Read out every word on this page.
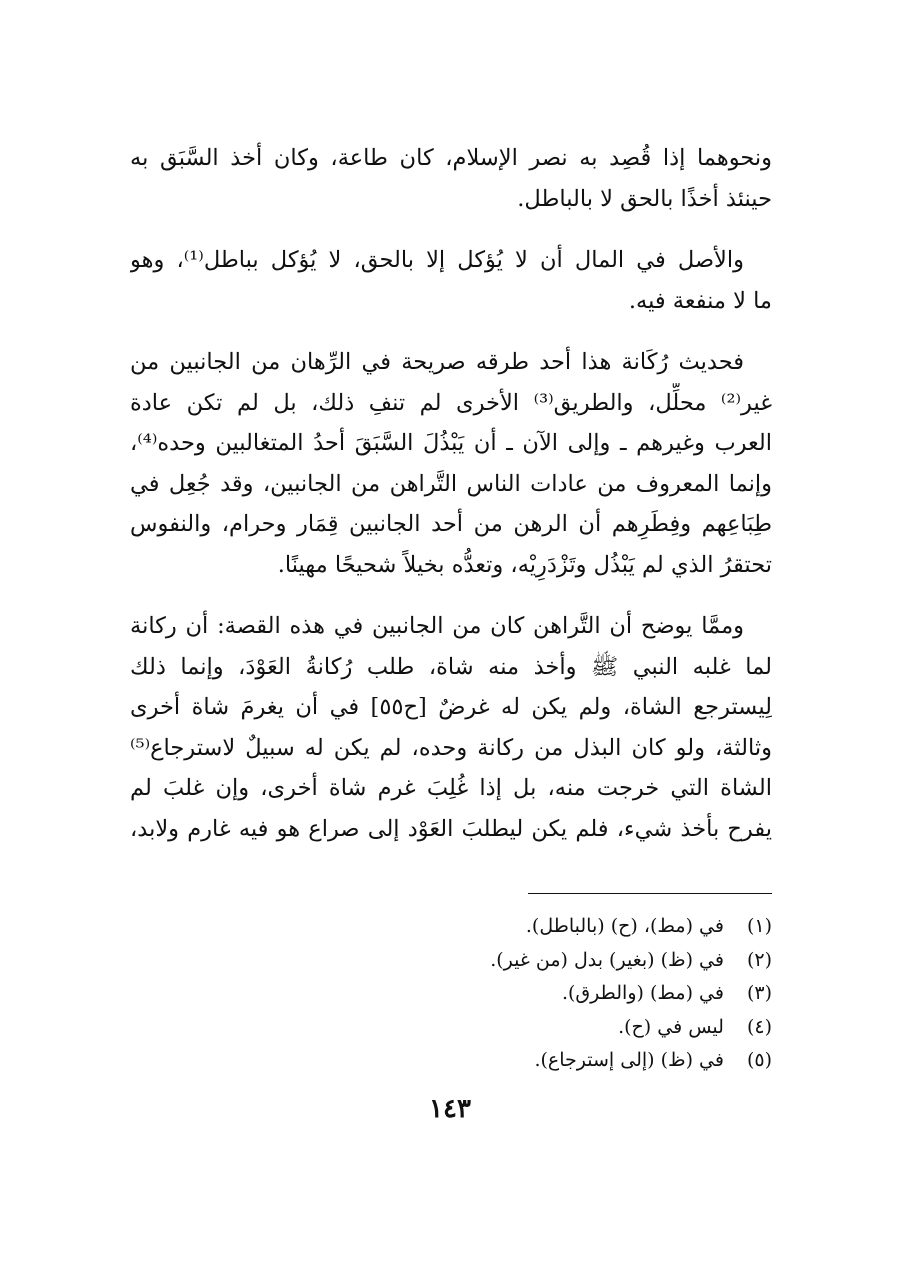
ونحوهما إذا قُصِد به نصر الإسلام، كان طاعة، وكان أخذ السَّبَق به
حينئذ أخذًا بالحق لا بالباطل.

والأصل في المال أن لا يُؤكل إلا بالحق، لا يُؤكل بباطل⁽¹⁾، وهو
ما لا منفعة فيه.

فحديث رُكَانة هذا أحد طرقه صريحة في الرِّهان من الجانبين من
غير⁽²⁾ محلِّل، والطريق⁽³⁾ الأخرى لم تنفِ ذلك، بل لم تكن عادة
العرب وغيرهم ـ وإلى الآن ـ أن يَبْذُلَ السَّبَقَ أحدُ المتغالبين وحده⁽⁴⁾،
وإنما المعروف من عادات الناس التَّراهن من الجانبين، وقد جُعِل في
طِبَاعِهم وفِطَرِهم أن الرهن من أحد الجانبين قِمَار وحرام، والنفوس
تحتقرُ الذي لم يَبْذُل وتَزْدَرِيْه، وتعدُّه بخيلاً شحيحًا مهينًا.

وممَّا يوضح أن التَّراهن كان من الجانبين في هذه القصة: أن ركانة
لما غلبه النبي ﷺ وأخذ منه شاة، طلب رُكانةُ العَوْدَ، وإنما ذلك
لِيسترجع الشاة، ولم يكن له غرضٌ [ح٥٥] في أن يغرمَ شاة أخرى
وثالثة، ولو كان البذل من ركانة وحده، لم يكن له سبيلٌ لاسترجاع⁽⁵⁾
الشاة التي خرجت منه، بل إذا غُلِبَ غرم شاة أخرى، وإن غلبَ لم
يفرح بأخذ شيء، فلم يكن ليطلبَ العَوْد إلى صراع هو فيه غارم ولابد،

(١) في (مط)، (ح) (بالباطل).
(٢) في (ظ) (بغير) بدل (من غير).
(٣) في (مط) (والطرق).
(٤) ليس في (ح).
(٥) في (ظ) (إلى إسترجاع).
١٤٣
